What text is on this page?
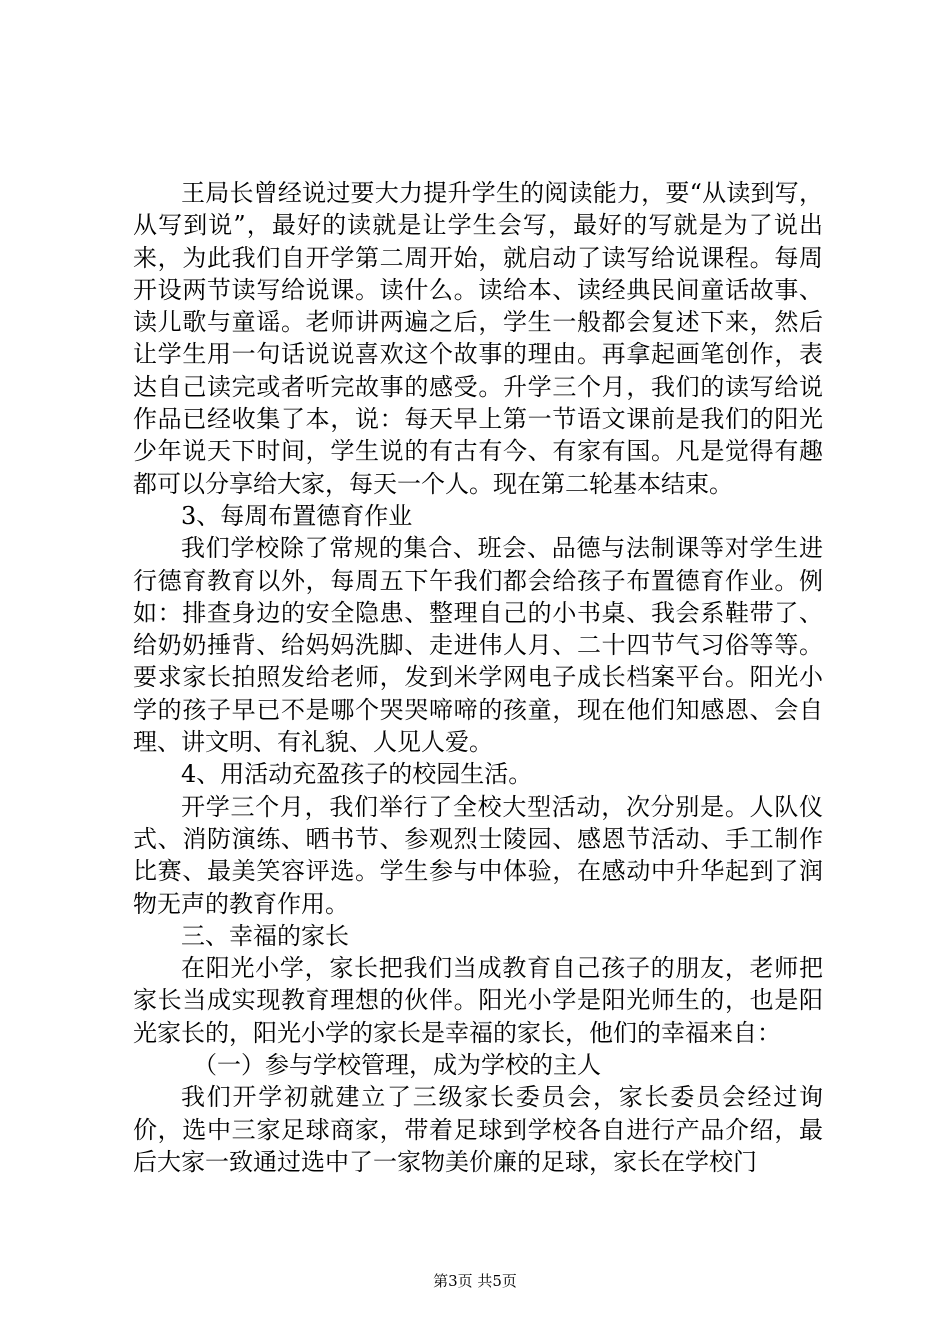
王局长曾经说过要大力提升学生的阅读能力，要“从读到写，从写到说”，最好的读就是让学生会写，最好的写就是为了说出来，为此我们自开学第二周开始，就启动了读写给说课程。每周开设两节读写给说课。读什么。读给本、读经典民间童话故事、读儿歌与童谣。老师讲两遍之后，学生一般都会复述下来，然后让学生用一句话说说喜欢这个故事的理由。再拿起画笔创作，表达自己读完或者听完故事的感受。升学三个月，我们的读写给说作品已经收集了本，说：每天早上第一节语文课前是我们的阳光少年说天下时间，学生说的有古有今、有家有国。凡是觉得有趣都可以分享给大家，每天一个人。现在第二轮基本结束。

3、每周布置德育作业

我们学校除了常规的集合、班会、品德与法制课等对学生进行德育教育以外，每周五下午我们都会给孩子布置德育作业。例如：排查身边的安全隐患、整理自己的小书桌、我会系鞋带了、给奶奶捶背、给妈妈洗脚、走进伟人月、二十四节气习俗等等。要求家长拍照发给老师，发到米学网电子成长档案平台。阳光小学的孩子早已不是哪个哭哭啼啼的孩童，现在他们知感恩、会自理、讲文明、有礼貌、人见人爱。

4、用活动充盈孩子的校园生活。

开学三个月，我们举行了全校大型活动，次分别是。人队仪式、消防演练、晒书节、参观烈士陵园、感恩节活动、手工制作比赛、最美笑容评选。学生参与中体验，在感动中升华起到了润物无声的教育作用。

三、幸福的家长

在阳光小学，家长把我们当成教育自己孩子的朋友，老师把家长当成实现教育理想的伙伴。阳光小学是阳光师生的，也是阳光家长的，阳光小学的家长是幸福的家长，他们的幸福来自：

（一）参与学校管理，成为学校的主人

我们开学初就建立了三级家长委员会，家长委员会经过询价，选中三家足球商家，带着足球到学校各自进行产品介绍，最后大家一致通过选中了一家物美价廉的足球，家长在学校门

第3页 共5页
